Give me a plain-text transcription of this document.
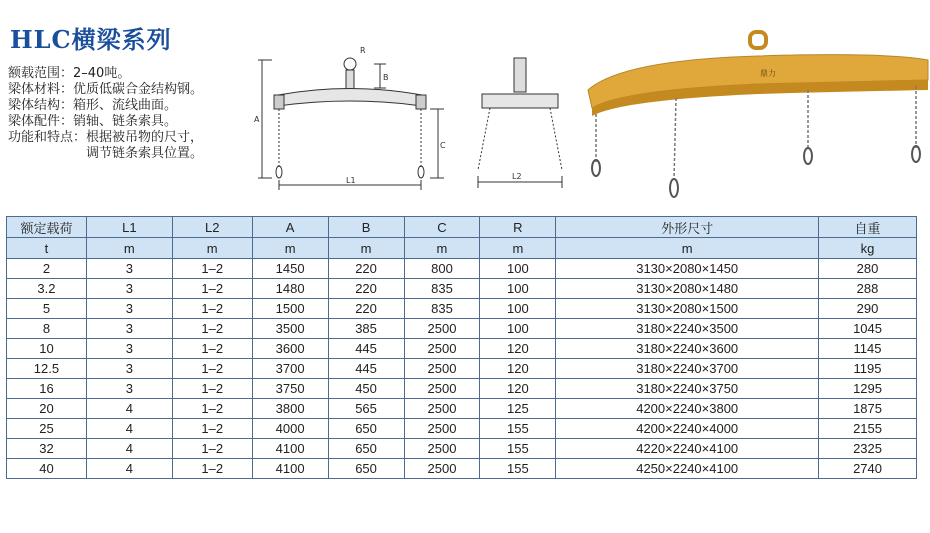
HLC横梁系列
额载范围：2–40吨。
梁体材料：优质低碳合金结构钢。
梁体结构：箱形、流线曲面。
梁体配件：销轴、链条索具。
功能和特点：根据被吊物的尺寸，
　　　　　　调节链条索具位置。
R
B
A
C
L1	L2
鼎力
额定载荷	L1	L2	A	B	C	R	外形尺寸	自重
t	m	m	m	m	m	m	m	kg
2	3	1–2	1450	220	800	100	3130×2080×1450	280
3.2	3	1–2	1480	220	835	100	3130×2080×1480	288
5	3	1–2	1500	220	835	100	3130×2080×1500	290
8	3	1–2	3500	385	2500	100	3180×2240×3500	1045
10	3	1–2	3600	445	2500	120	3180×2240×3600	1145
12.5	3	1–2	3700	445	2500	120	3180×2240×3700	1195
16	3	1–2	3750	450	2500	120	3180×2240×3750	1295
20	4	1–2	3800	565	2500	125	4200×2240×3800	1875
25	4	1–2	4000	650	2500	155	4200×2240×4000	2155
32	4	1–2	4100	650	2500	155	4220×2240×4100	2325
40	4	1–2	4100	650	2500	155	4250×2240×4100	2740
